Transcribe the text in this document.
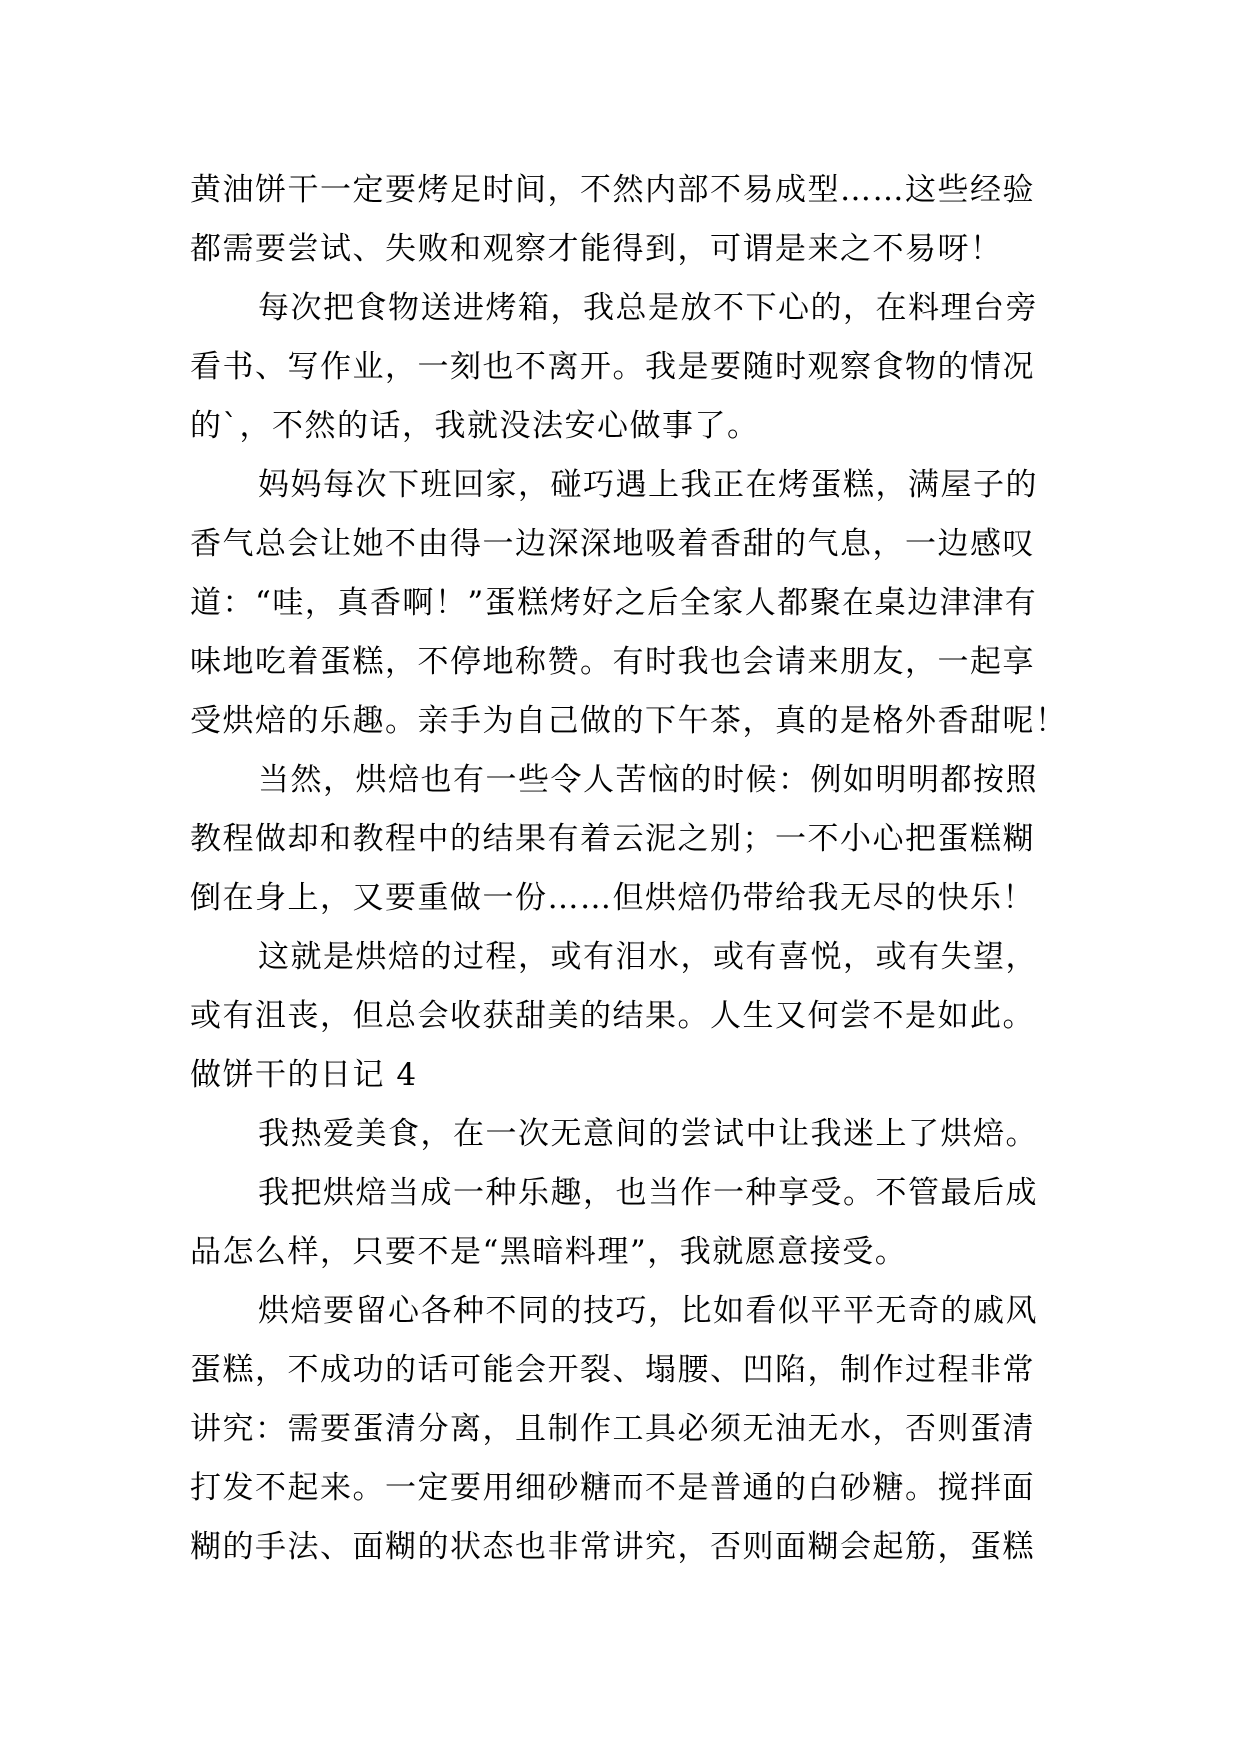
黄油饼干一定要烤足时间，不然内部不易成型……这些经验
都需要尝试、失败和观察才能得到，可谓是来之不易呀！
每次把食物送进烤箱，我总是放不下心的，在料理台旁
看书、写作业，一刻也不离开。我是要随时观察食物的情况
的`，不然的话，我就没法安心做事了。
妈妈每次下班回家，碰巧遇上我正在烤蛋糕，满屋子的
香气总会让她不由得一边深深地吸着香甜的气息，一边感叹
道：“哇，真香啊！”蛋糕烤好之后全家人都聚在桌边津津有
味地吃着蛋糕，不停地称赞。有时我也会请来朋友，一起享
受烘焙的乐趣。亲手为自己做的下午茶，真的是格外香甜呢！
当然，烘焙也有一些令人苦恼的时候：例如明明都按照
教程做却和教程中的结果有着云泥之别；一不小心把蛋糕糊
倒在身上，又要重做一份……但烘焙仍带给我无尽的快乐！
这就是烘焙的过程，或有泪水，或有喜悦，或有失望，
或有沮丧，但总会收获甜美的结果。人生又何尝不是如此。
做饼干的日记 4
我热爱美食，在一次无意间的尝试中让我迷上了烘焙。
我把烘焙当成一种乐趣，也当作一种享受。不管最后成
品怎么样，只要不是“黑暗料理”，我就愿意接受。
烘焙要留心各种不同的技巧，比如看似平平无奇的戚风
蛋糕，不成功的话可能会开裂、塌腰、凹陷，制作过程非常
讲究：需要蛋清分离，且制作工具必须无油无水，否则蛋清
打发不起来。一定要用细砂糖而不是普通的白砂糖。搅拌面
糊的手法、面糊的状态也非常讲究，否则面糊会起筋，蛋糕
